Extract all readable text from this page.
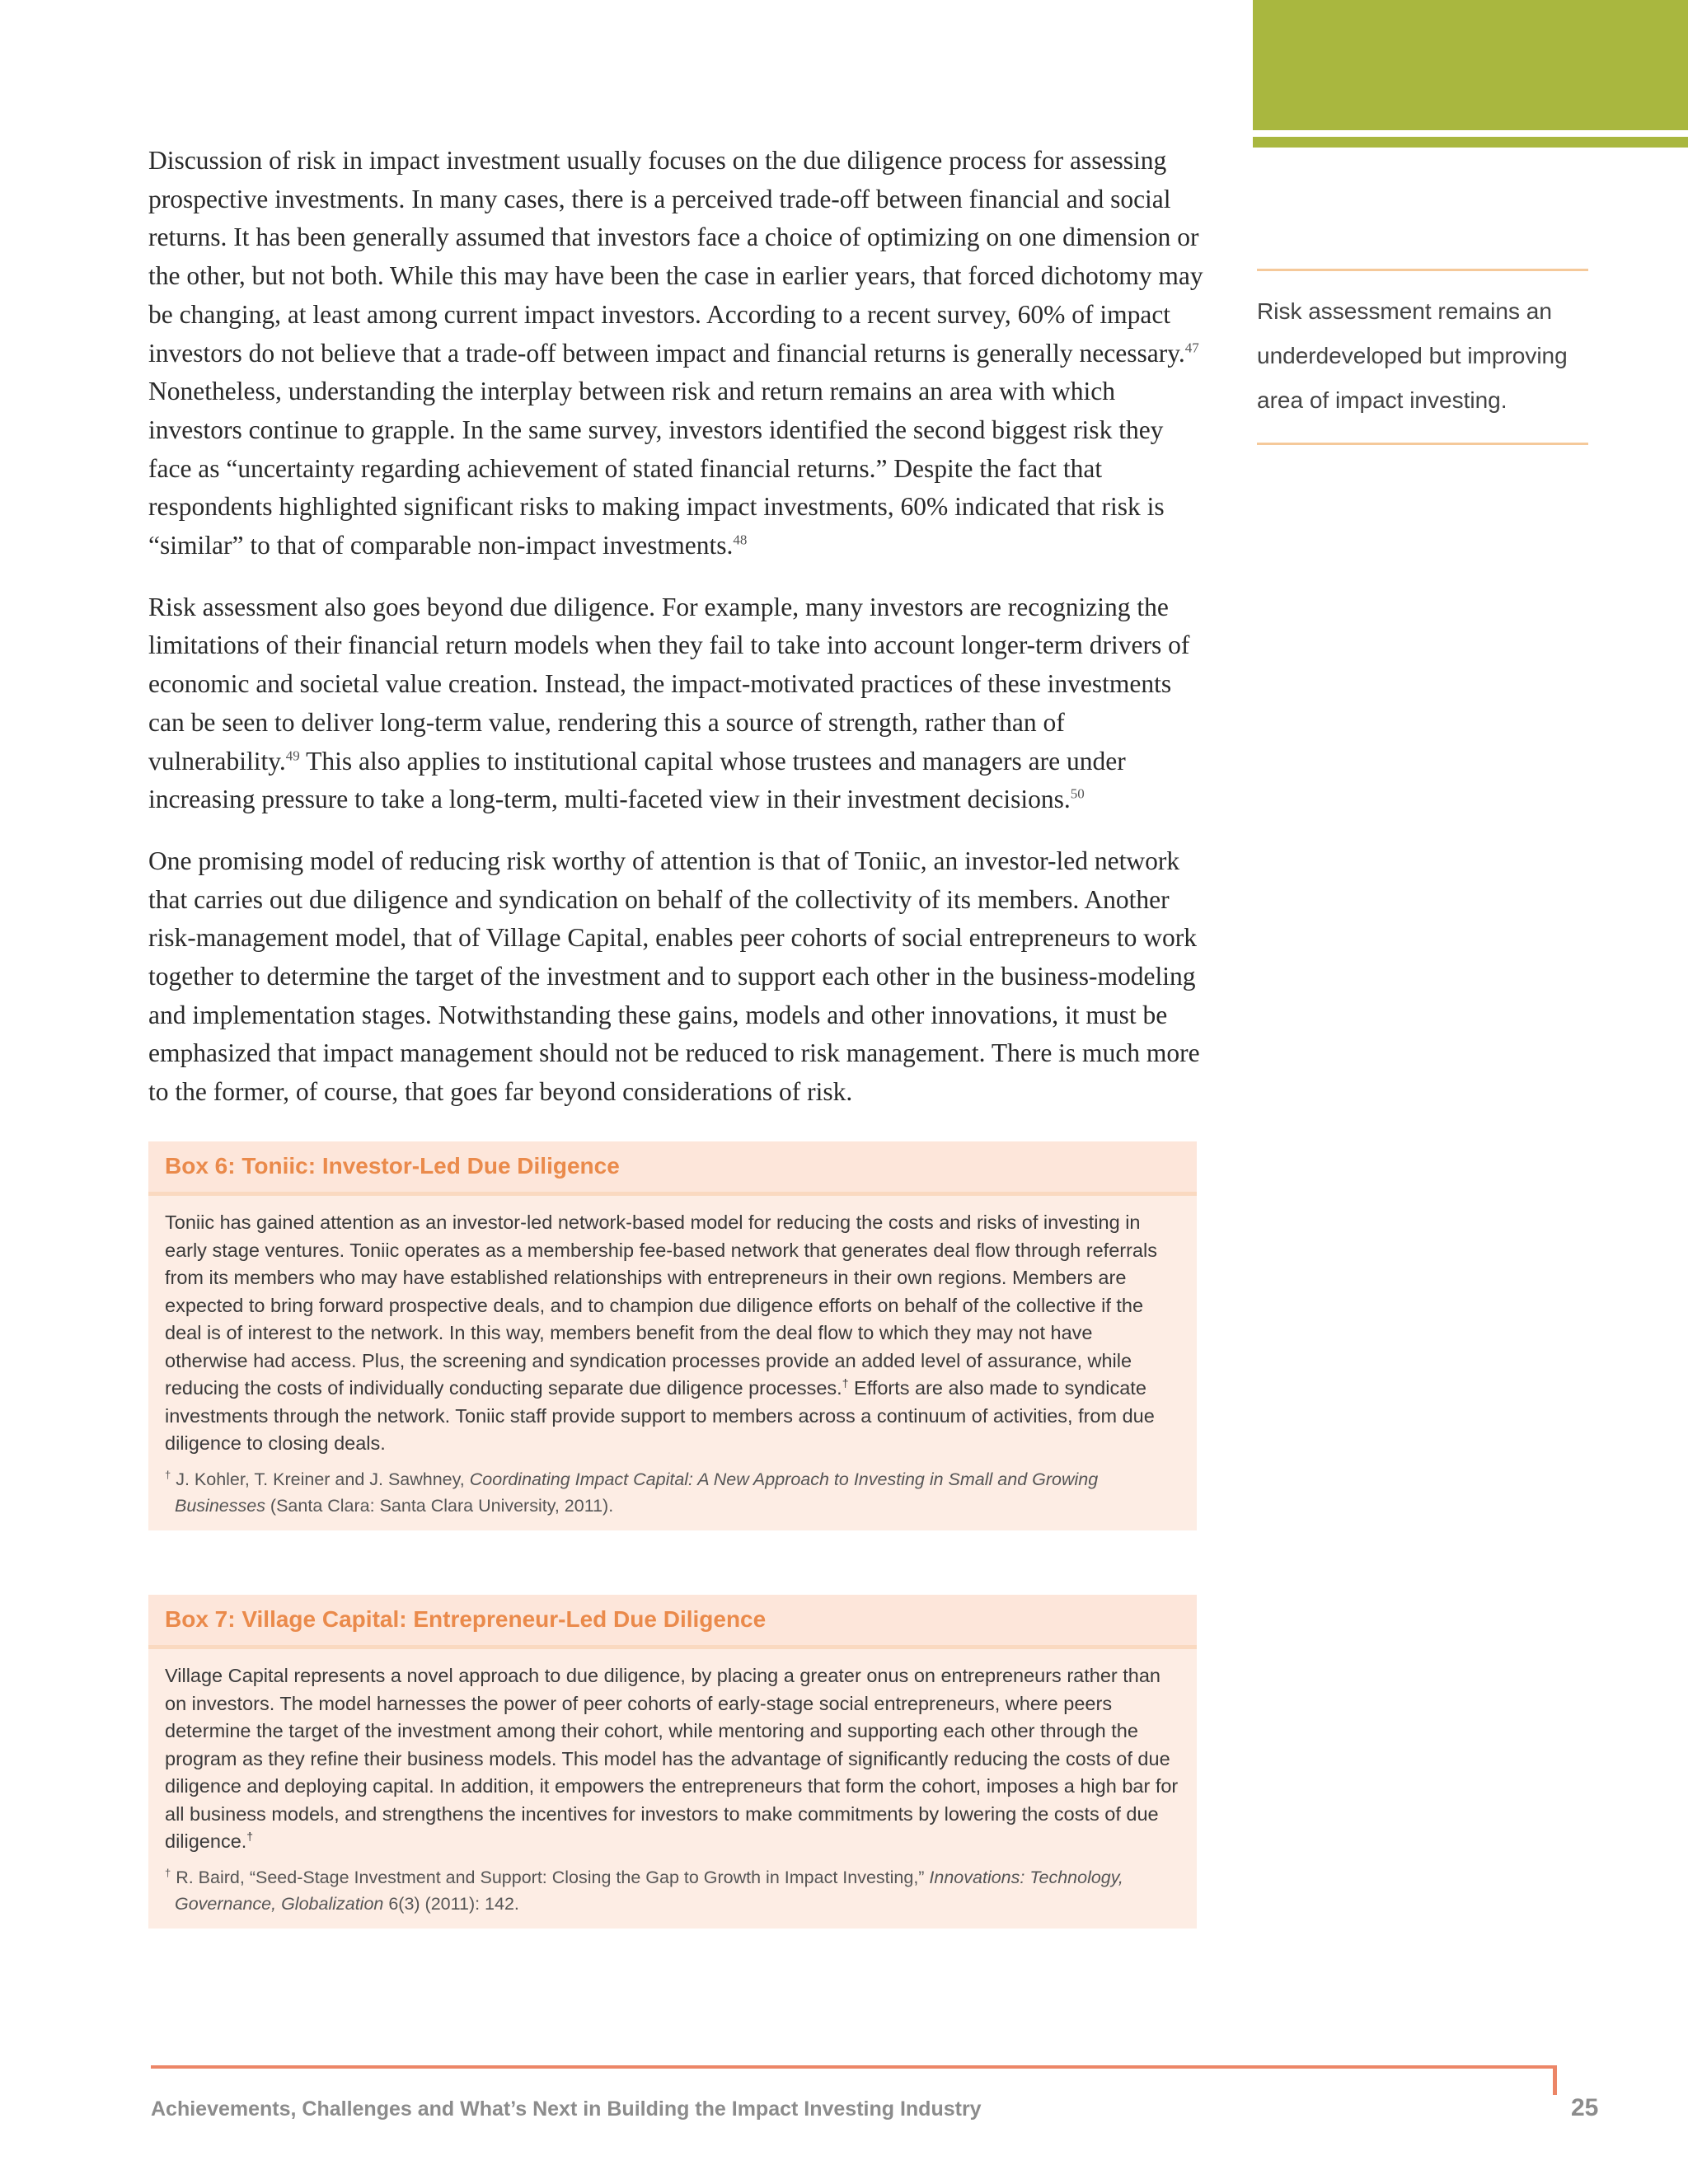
Discussion of risk in impact investment usually focuses on the due diligence process for assessing prospective investments. In many cases, there is a perceived trade-off between financial and social returns. It has been generally assumed that investors face a choice of optimizing on one dimension or the other, but not both. While this may have been the case in earlier years, that forced dichotomy may be changing, at least among current impact investors. According to a recent survey, 60% of impact investors do not believe that a trade-off between impact and financial returns is generally necessary.$^{47}$ Nonetheless, understanding the interplay between risk and return remains an area with which investors continue to grapple. In the same survey, investors identified the second biggest risk they face as “uncertainty regarding achievement of stated financial returns.” Despite the fact that respondents highlighted significant risks to making impact investments, 60% indicated that risk is “similar” to that of comparable non-impact investments.$^{48}$

Risk assessment also goes beyond due diligence. For example, many investors are recognizing the limitations of their financial return models when they fail to take into account longer-term drivers of economic and societal value creation. Instead, the impact-motivated practices of these investments can be seen to deliver long-term value, rendering this a source of strength, rather than of vulnerability.$^{49}$ This also applies to institutional capital whose trustees and managers are under increasing pressure to take a long-term, multi-faceted view in their investment decisions.$^{50}$

One promising model of reducing risk worthy of attention is that of Toniic, an investor-led network that carries out due diligence and syndication on behalf of the collectivity of its members. Another risk-management model, that of Village Capital, enables peer cohorts of social entrepreneurs to work together to determine the target of the investment and to support each other in the business-modeling and implementation stages. Notwithstanding these gains, models and other innovations, it must be emphasized that impact management should not be reduced to risk management. There is much more to the former, of course, that goes far beyond considerations of risk.

Risk assessment remains an underdeveloped but improving area of impact investing.

Box 6: Toniic: Investor-Led Due Diligence

Toniic has gained attention as an investor-led network-based model for reducing the costs and risks of investing in early stage ventures. Toniic operates as a membership fee-based network that generates deal flow through referrals from its members who may have established relationships with entrepreneurs in their own regions. Members are expected to bring forward prospective deals, and to champion due diligence efforts on behalf of the collective if the deal is of interest to the network. In this way, members benefit from the deal flow to which they may not have otherwise had access. Plus, the screening and syndication processes provide an added level of assurance, while reducing the costs of individually conducting separate due diligence processes.† Efforts are also made to syndicate investments through the network. Toniic staff provide support to members across a continuum of activities, from due diligence to closing deals.

† J. Kohler, T. Kreiner and J. Sawhney, Coordinating Impact Capital: A New Approach to Investing in Small and Growing Businesses (Santa Clara: Santa Clara University, 2011).

Box 7: Village Capital: Entrepreneur-Led Due Diligence

Village Capital represents a novel approach to due diligence, by placing a greater onus on entrepreneurs rather than on investors. The model harnesses the power of peer cohorts of early-stage social entrepreneurs, where peers determine the target of the investment among their cohort, while mentoring and supporting each other through the program as they refine their business models. This model has the advantage of significantly reducing the costs of due diligence and deploying capital. In addition, it empowers the entrepreneurs that form the cohort, imposes a high bar for all business models, and strengthens the incentives for investors to make commitments by lowering the costs of due diligence.†

† R. Baird, “Seed-Stage Investment and Support: Closing the Gap to Growth in Impact Investing,” Innovations: Technology, Governance, Globalization 6(3) (2011): 142.

Achievements, Challenges and What’s Next in Building the Impact Investing Industry	25
